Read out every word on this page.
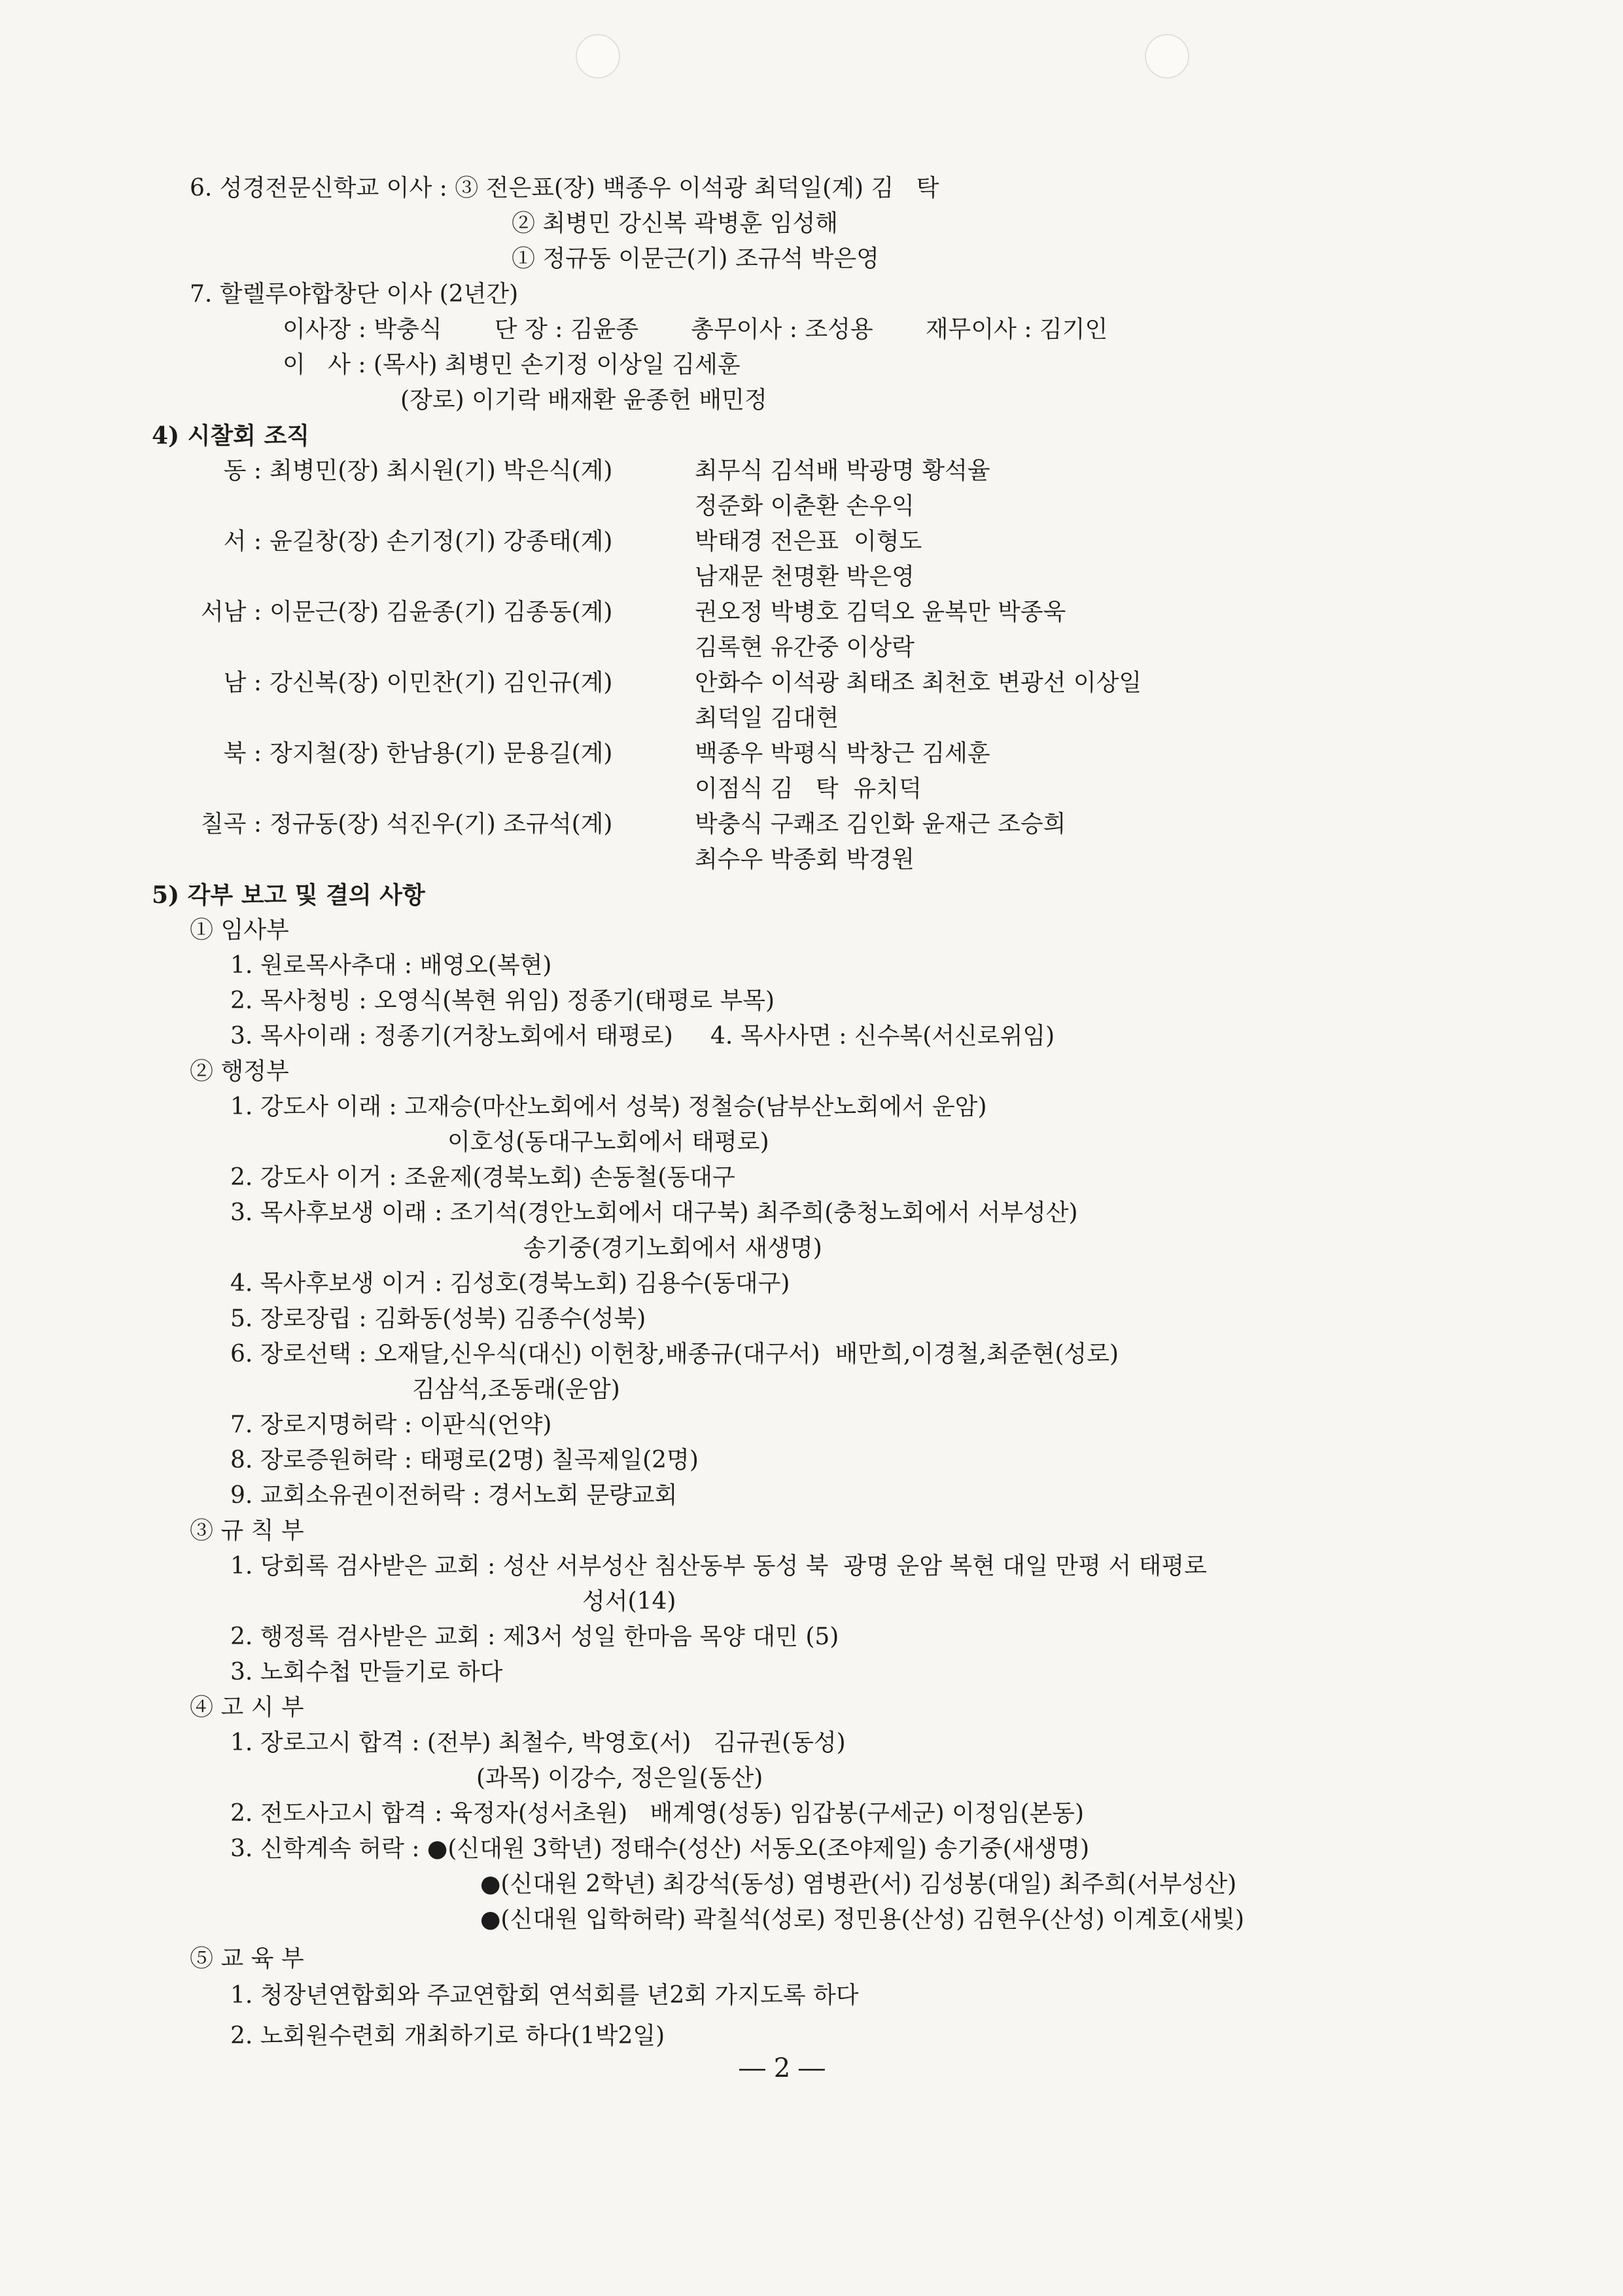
6. 성경전문신학교 이사 : ③ 전은표(장) 백종우 이석광 최덕일(계) 김   탁
② 최병민 강신복 곽병훈 임성해
① 정규동 이문근(기) 조규석 박은영
7. 할렐루야합창단 이사 (2년간)
이사장 : 박충식       단 장 : 김윤종       총무이사 : 조성용       재무이사 : 김기인
이   사 : (목사) 최병민 손기정 이상일 김세훈
(장로) 이기락 배재환 윤종헌 배민정
4) 시찰회 조직
동 : 최병민(장) 최시원(기) 박은식(계)	최무식 김석배 박광명 황석율
정준화 이춘환 손우익
서 : 윤길창(장) 손기정(기) 강종태(계)	박태경 전은표  이형도
남재문 천명환 박은영
서남 : 이문근(장) 김윤종(기) 김종동(계)	권오정 박병호 김덕오 윤복만 박종욱
김록현 유간중 이상락
남 : 강신복(장) 이민찬(기) 김인규(계)	안화수 이석광 최태조 최천호 변광선 이상일
최덕일 김대현
북 : 장지철(장) 한남용(기) 문용길(계)	백종우 박평식 박창근 김세훈
이점식 김   탁  유치덕
칠곡 : 정규동(장) 석진우(기) 조규석(계)	박충식 구쾌조 김인화 윤재근 조승희
최수우 박종회 박경원
5) 각부 보고 및 결의 사항
① 임사부
1. 원로목사추대 : 배영오(복현)
2. 목사청빙 : 오영식(복현 위임) 정종기(태평로 부목)
3. 목사이래 : 정종기(거창노회에서 태평로)     4. 목사사면 : 신수복(서신로위임)
② 행정부
1. 강도사 이래 : 고재승(마산노회에서 성북) 정철승(남부산노회에서 운암)
이호성(동대구노회에서 태평로)
2. 강도사 이거 : 조윤제(경북노회) 손동철(동대구
3. 목사후보생 이래 : 조기석(경안노회에서 대구북) 최주희(충청노회에서 서부성산)
송기중(경기노회에서 새생명)
4. 목사후보생 이거 : 김성호(경북노회) 김용수(동대구)
5. 장로장립 : 김화동(성북) 김종수(성북)
6. 장로선택 : 오재달,신우식(대신) 이헌창,배종규(대구서)  배만희,이경철,최준현(성로)
김삼석,조동래(운암)
7. 장로지명허락 : 이판식(언약)
8. 장로증원허락 : 태평로(2명) 칠곡제일(2명)
9. 교회소유권이전허락 : 경서노회 문량교회
③ 규 칙 부
1. 당회록 검사받은 교회 : 성산 서부성산 침산동부 동성 북  광명 운암 복현 대일 만평 서 태평로
성서(14)
2. 행정록 검사받은 교회 : 제3서 성일 한마음 목양 대민 (5)
3. 노회수첩 만들기로 하다
④ 고 시 부
1. 장로고시 합격 : (전부) 최철수, 박영호(서)   김규권(동성)
(과목) 이강수, 정은일(동산)
2. 전도사고시 합격 : 육정자(성서초원)   배계영(성동) 임갑봉(구세군) 이정임(본동)
3. 신학계속 허락 : ●(신대원 3학년) 정태수(성산) 서동오(조야제일) 송기중(새생명)
●(신대원 2학년) 최강석(동성) 염병관(서) 김성봉(대일) 최주희(서부성산)
●(신대원 입학허락) 곽칠석(성로) 정민용(산성) 김현우(산성) 이계호(새빛)
⑤ 교 육 부
1. 청장년연합회와 주교연합회 연석회를 년2회 가지도록 하다
2. 노회원수련회 개최하기로 하다(1박2일)
― 2 ―
